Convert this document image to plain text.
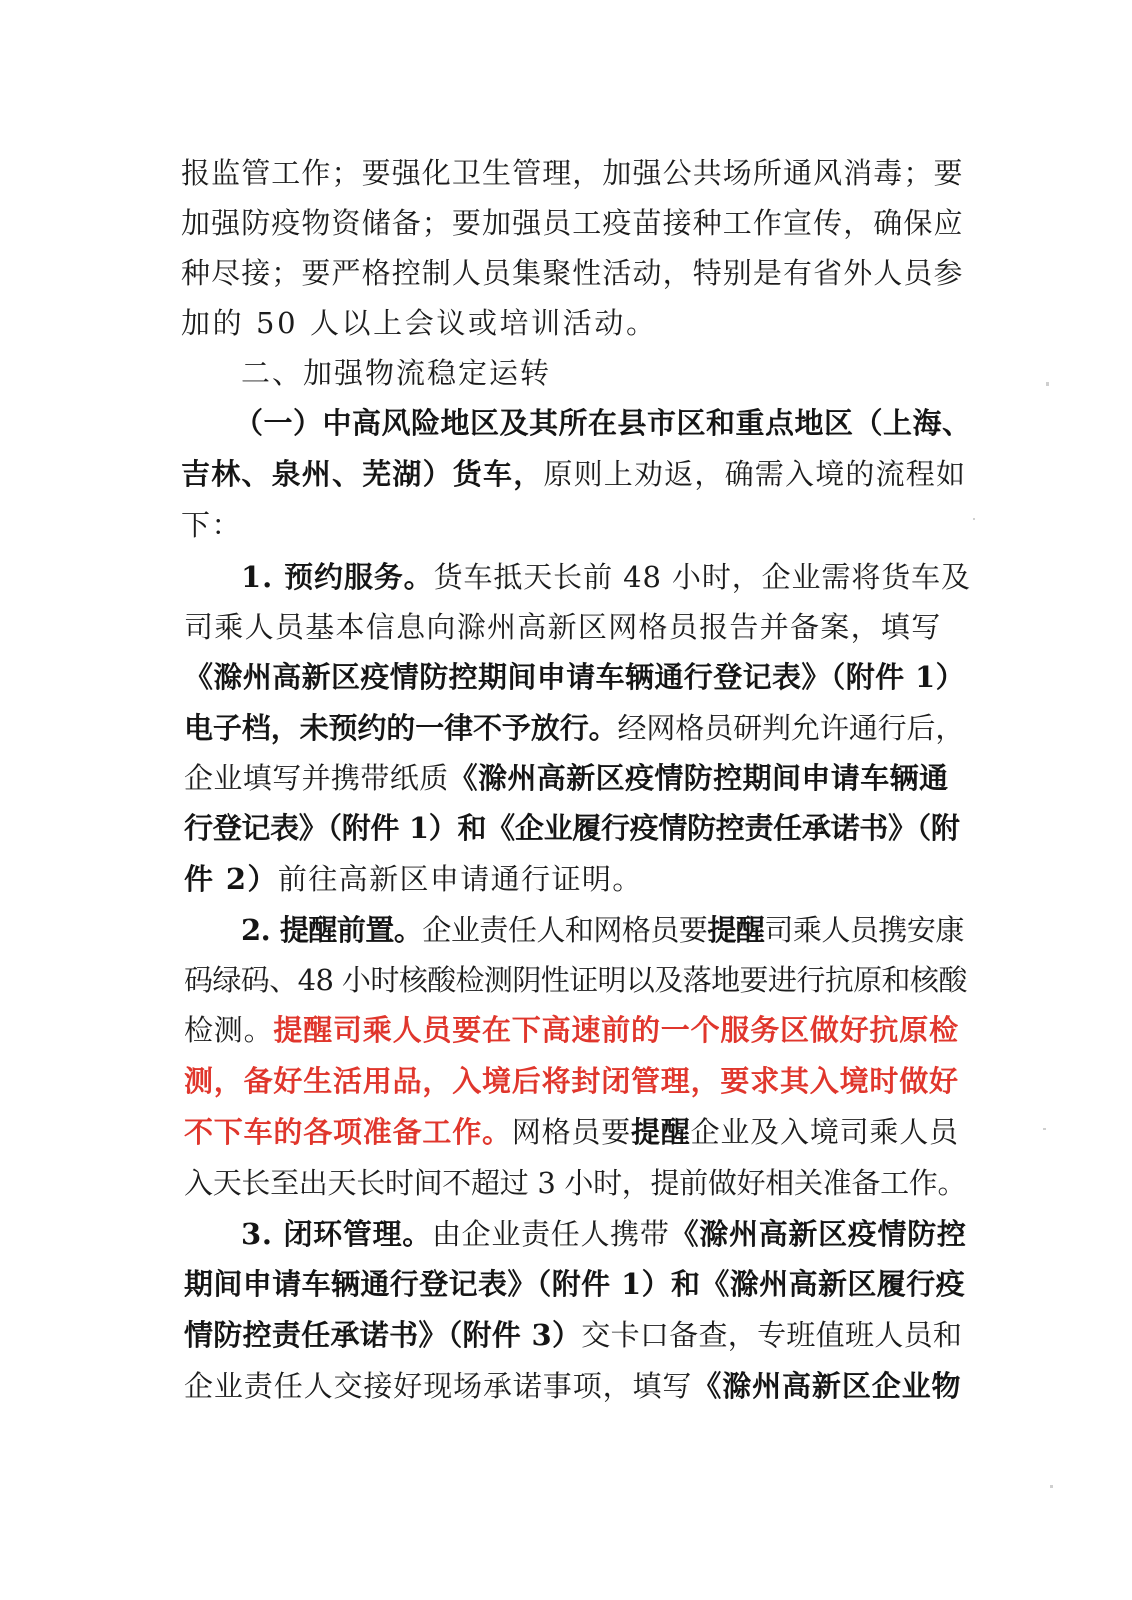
报监管工作；要强化卫生管理，加强公共场所通风消毒；要
加强防疫物资储备；要加强员工疫苗接种工作宣传，确保应
种尽接；要严格控制人员集聚性活动，特别是有省外人员参
加的 50 人以上会议或培训活动。
二、加强物流稳定运转
（一）中高风险地区及其所在县市区和重点地区（上海、
吉林、泉州、芜湖）货车，原则上劝返，确需入境的流程如
下：
1. 预约服务。货车抵天长前 48 小时，企业需将货车及
司乘人员基本信息向滁州高新区网格员报告并备案，填写
《滁州高新区疫情防控期间申请车辆通行登记表》（附件 1）
电子档，未预约的一律不予放行。经网格员研判允许通行后，
企业填写并携带纸质《滁州高新区疫情防控期间申请车辆通
行登记表》（附件 1）和《企业履行疫情防控责任承诺书》（附
件 2）前往高新区申请通行证明。
2. 提醒前置。企业责任人和网格员要提醒司乘人员携安康
码绿码、48 小时核酸检测阴性证明以及落地要进行抗原和核酸
检测。提醒司乘人员要在下高速前的一个服务区做好抗原检
测，备好生活用品，入境后将封闭管理，要求其入境时做好
不下车的各项准备工作。网格员要提醒企业及入境司乘人员
入天长至出天长时间不超过 3 小时，提前做好相关准备工作。
3. 闭环管理。由企业责任人携带《滁州高新区疫情防控
期间申请车辆通行登记表》（附件 1）和《滁州高新区履行疫
情防控责任承诺书》（附件 3）交卡口备查，专班值班人员和
企业责任人交接好现场承诺事项，填写《滁州高新区企业物
